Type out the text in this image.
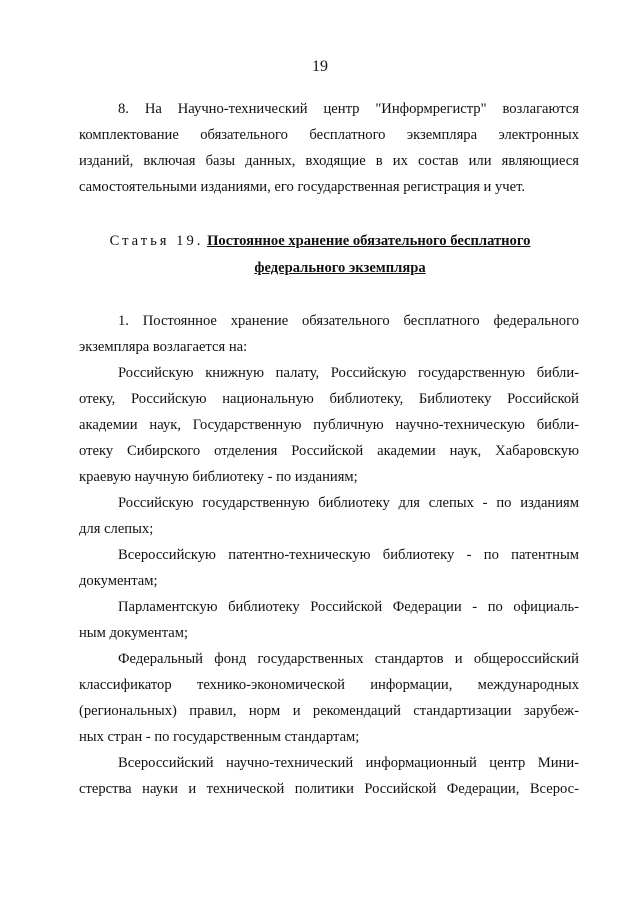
19
8. На Научно-технический центр "Информрегистр" возлагаются
комплектование обязательного бесплатного экземпляра электронных
изданий, включая базы данных, входящие в их состав или являющиеся
самостоятельными изданиями, его государственная регистрация и учет.
Статья 19. Постоянное хранение обязательного бесплатного
федерального экземпляра
1. Постоянное хранение обязательного бесплатного федерального
экземпляра возлагается на:
Российскую книжную палату, Российскую государственную библи-
отеку, Российскую национальную библиотеку, Библиотеку Российской
академии наук, Государственную публичную научно-техническую библи-
отеку Сибирского отделения Российской академии наук, Хабаровскую
краевую научную библиотеку - по изданиям;
Российскую государственную библиотеку для слепых - по изданиям
для слепых;
Всероссийскую патентно-техническую библиотеку - по патентным
документам;
Парламентскую библиотеку Российской Федерации - по официаль-
ным документам;
Федеральный фонд государственных стандартов и общероссийский
классификатор технико-экономической информации, международных
(региональных) правил, норм и рекомендаций стандартизации зарубеж-
ных стран - по государственным стандартам;
Всероссийский научно-технический информационный центр Мини-
стерства науки и технической политики Российской Федерации, Всерос-
